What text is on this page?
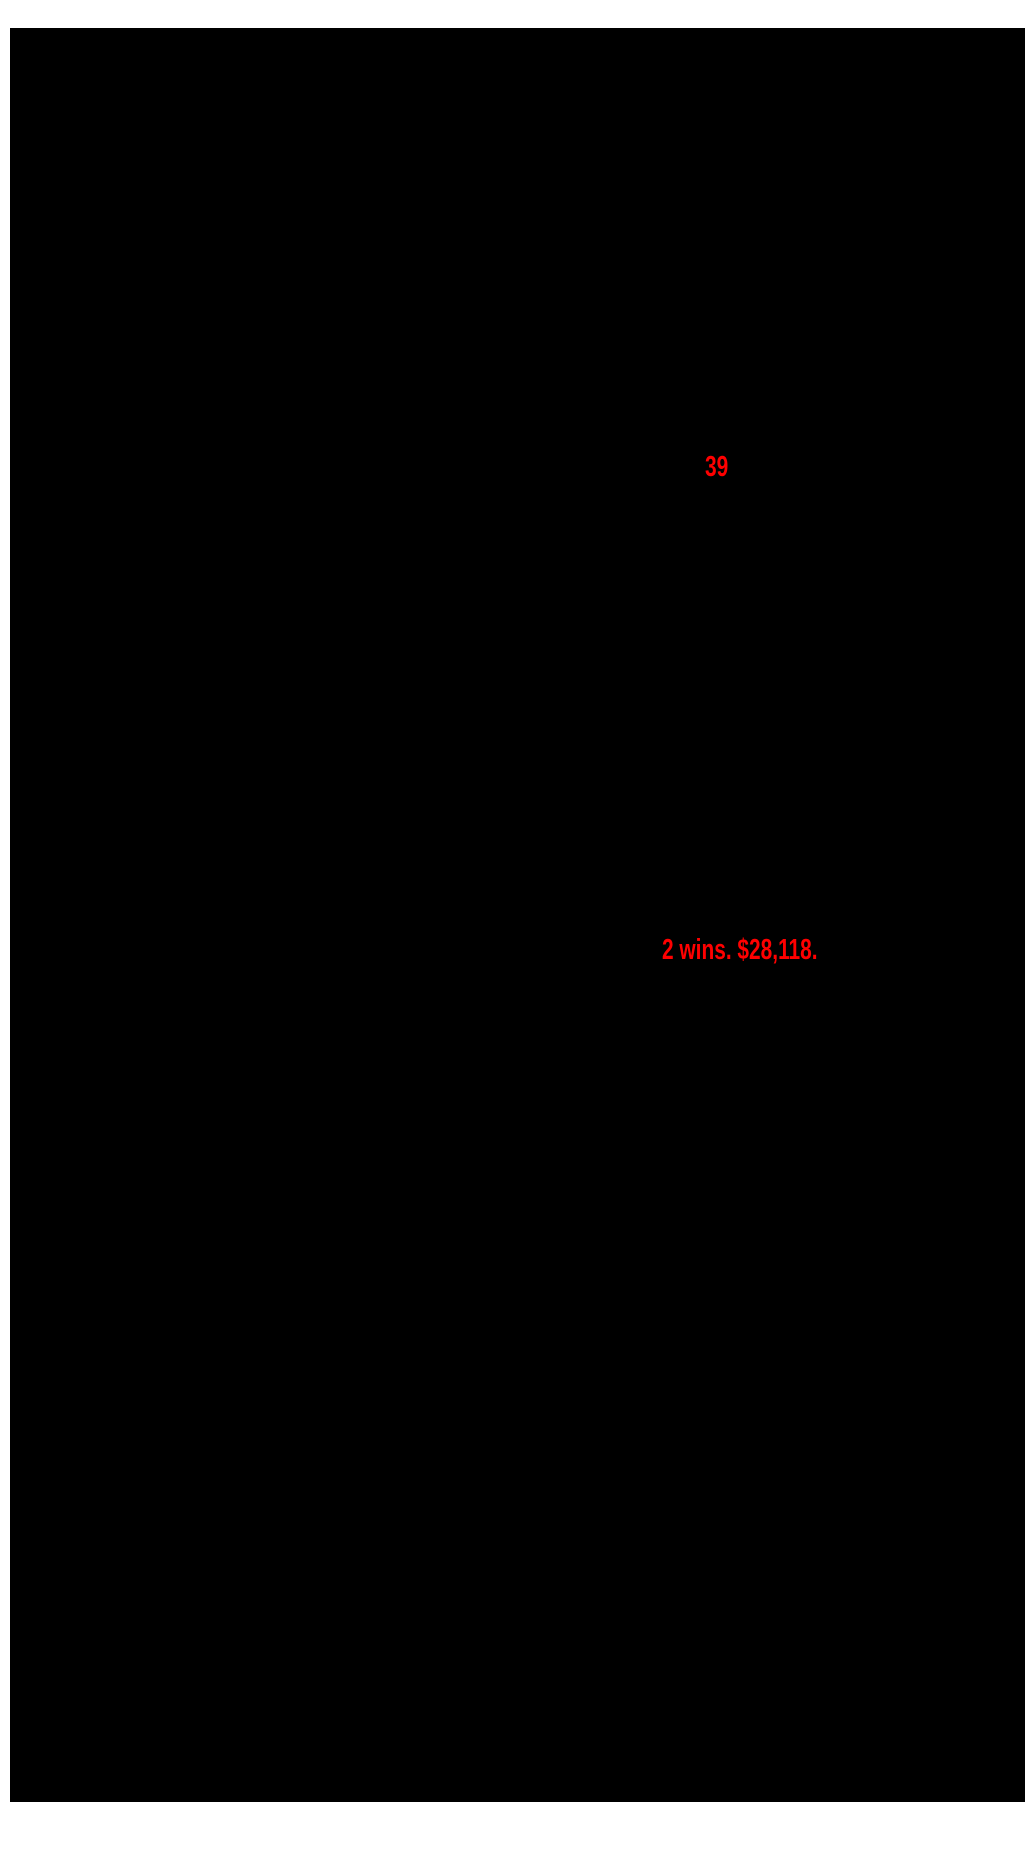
39
2 wins. $28,118.
